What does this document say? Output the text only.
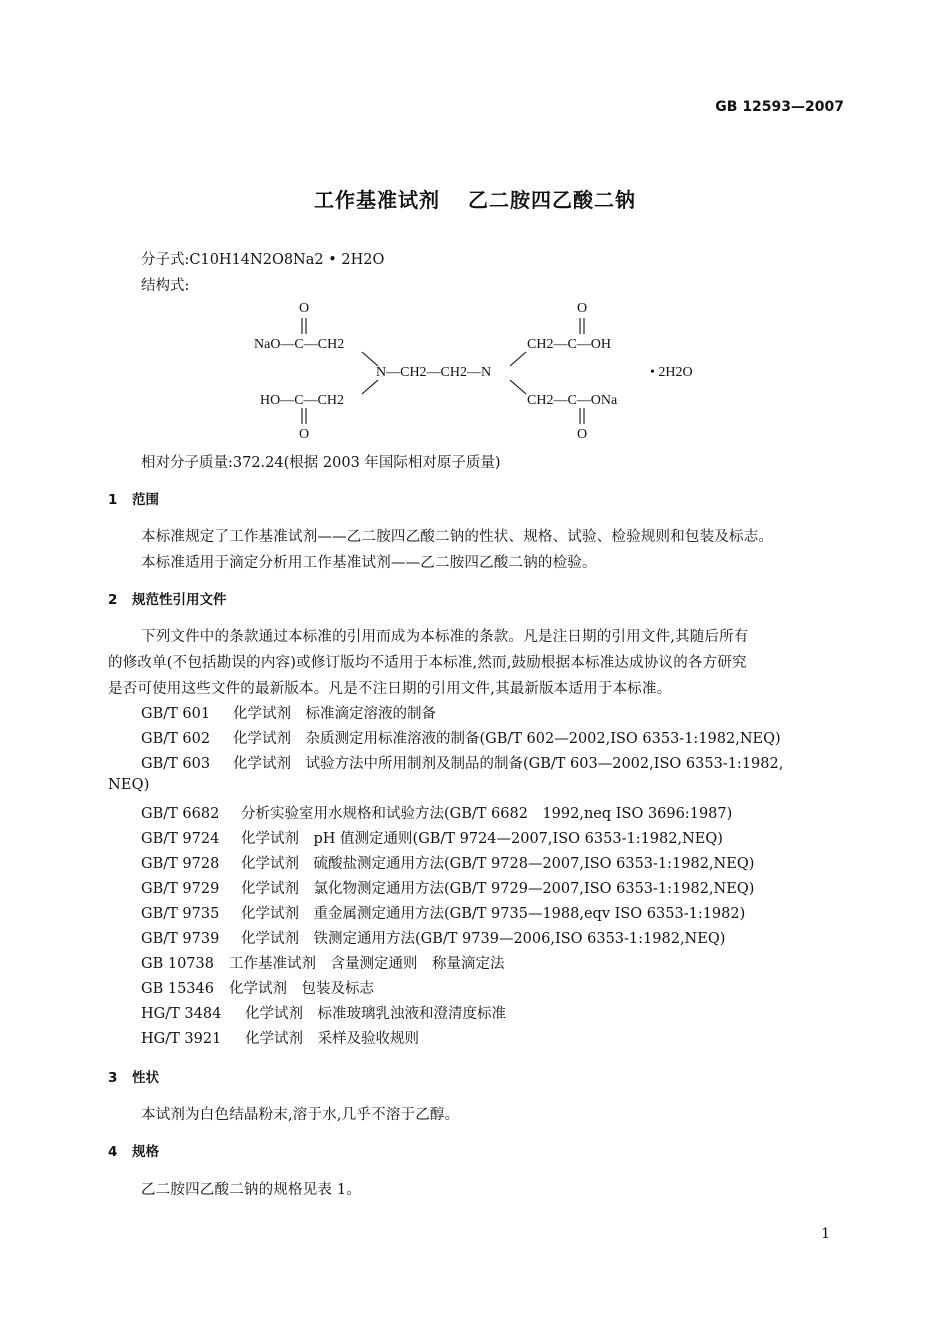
GB 12593—2007
工作基准试剂 乙二胺四乙酸二钠
分子式:C10H14N2O8Na2 • 2H2O
结构式:
O
NaO—C—CH2
HO—C—CH2
O
N—CH2—CH2—N
O
CH2—C—OH
CH2—C—ONa
O
• 2H2O
相对分子质量:372.24(根据 2003 年国际相对原子质量)
1 范围
本标准规定了工作基准试剂——乙二胺四乙酸二钠的性状、规格、试验、检验规则和包装及标志。
本标准适用于滴定分析用工作基准试剂——乙二胺四乙酸二钠的检验。
2 规范性引用文件
下列文件中的条款通过本标准的引用而成为本标准的条款。凡是注日期的引用文件,其随后所有
的修改单(不包括勘误的内容)或修订版均不适用于本标准,然而,鼓励根据本标准达成协议的各方研究
是否可使用这些文件的最新版本。凡是不注日期的引用文件,其最新版本适用于本标准。
GB/T 601 化学试剂　标准滴定溶液的制备
GB/T 602 化学试剂　杂质测定用标准溶液的制备(GB/T 602—2002,ISO 6353-1:1982,NEQ)
GB/T 603 化学试剂　试验方法中所用制剂及制品的制备(GB/T 603—2002,ISO 6353-1:1982,
NEQ)
GB/T 6682 分析实验室用水规格和试验方法(GB/T 6682　1992,neq ISO 3696:1987)
GB/T 9724 化学试剂　pH 值测定通则(GB/T 9724—2007,ISO 6353-1:1982,NEQ)
GB/T 9728 化学试剂　硫酸盐测定通用方法(GB/T 9728—2007,ISO 6353-1:1982,NEQ)
GB/T 9729 化学试剂　氯化物测定通用方法(GB/T 9729—2007,ISO 6353-1:1982,NEQ)
GB/T 9735 化学试剂　重金属测定通用方法(GB/T 9735—1988,eqv ISO 6353-1:1982)
GB/T 9739 化学试剂　铁测定通用方法(GB/T 9739—2006,ISO 6353-1:1982,NEQ)
GB 10738 工作基准试剂　含量测定通则　称量滴定法
GB 15346 化学试剂　包装及标志
HG/T 3484 化学试剂　标准玻璃乳浊液和澄清度标准
HG/T 3921 化学试剂　采样及验收规则
3 性状
本试剂为白色结晶粉末,溶于水,几乎不溶于乙醇。
4 规格
乙二胺四乙酸二钠的规格见表 1。
1
